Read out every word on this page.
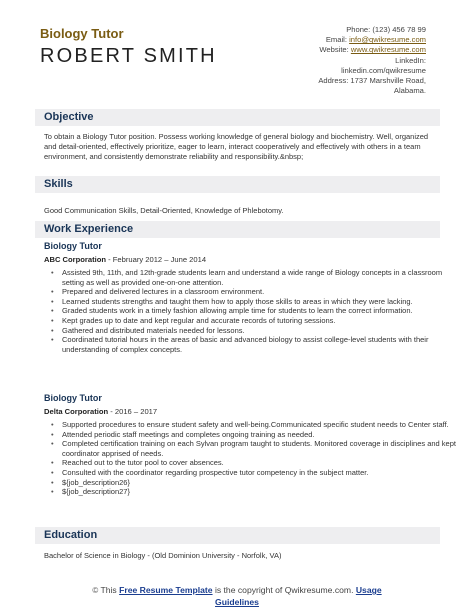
Biology Tutor
ROBERT SMITH
Phone: (123) 456 78 99
Email: info@qwikresume.com
Website: www.qwikresume.com
LinkedIn:
linkedin.com/qwikresume
Address: 1737 Marshville Road,
Alabama.
Objective
To obtain a Biology Tutor position. Possess working knowledge of general biology and biochemistry. Well, organized and detail-oriented, effectively prioritize, eager to learn, interact cooperatively and effectively with others in a team environment, and consistently demonstrate reliability and responsibility.&nbsp;
Skills
Good Communication Skills, Detail-Oriented, Knowledge of Phlebotomy.
Work Experience
Biology Tutor
ABC Corporation - February 2012 – June 2014
• Assisted 9th, 11th, and 12th-grade students learn and understand a wide range of Biology concepts in a classroom setting as well as provided one-on-one attention.
• Prepared and delivered lectures in a classroom environment.
• Learned students strengths and taught them how to apply those skills to areas in which they were lacking.
• Graded students work in a timely fashion allowing ample time for students to learn the correct information.
• Kept grades up to date and kept regular and accurate records of tutoring sessions.
• Gathered and distributed materials needed for lessons.
• Coordinated tutorial hours in the areas of basic and advanced biology to assist college-level students with their understanding of complex concepts.
Biology Tutor
Delta Corporation - 2016 – 2017
• Supported procedures to ensure student safety and well-being.Communicated specific student needs to Center staff.
• Attended periodic staff meetings and completes ongoing training as needed.
• Completed certification training on each Sylvan program taught to students. Monitored coverage in disciplines and kept coordinator apprised of needs.
• Reached out to the tutor pool to cover absences.
• Consulted with the coordinator regarding prospective tutor competency in the subject matter.
• ${job_description26}
• ${job_description27}
Education
Bachelor of Science in Biology - (Old Dominion University - Norfolk, VA)
© This Free Resume Template is the copyright of Qwikresume.com. Usage
Guidelines
